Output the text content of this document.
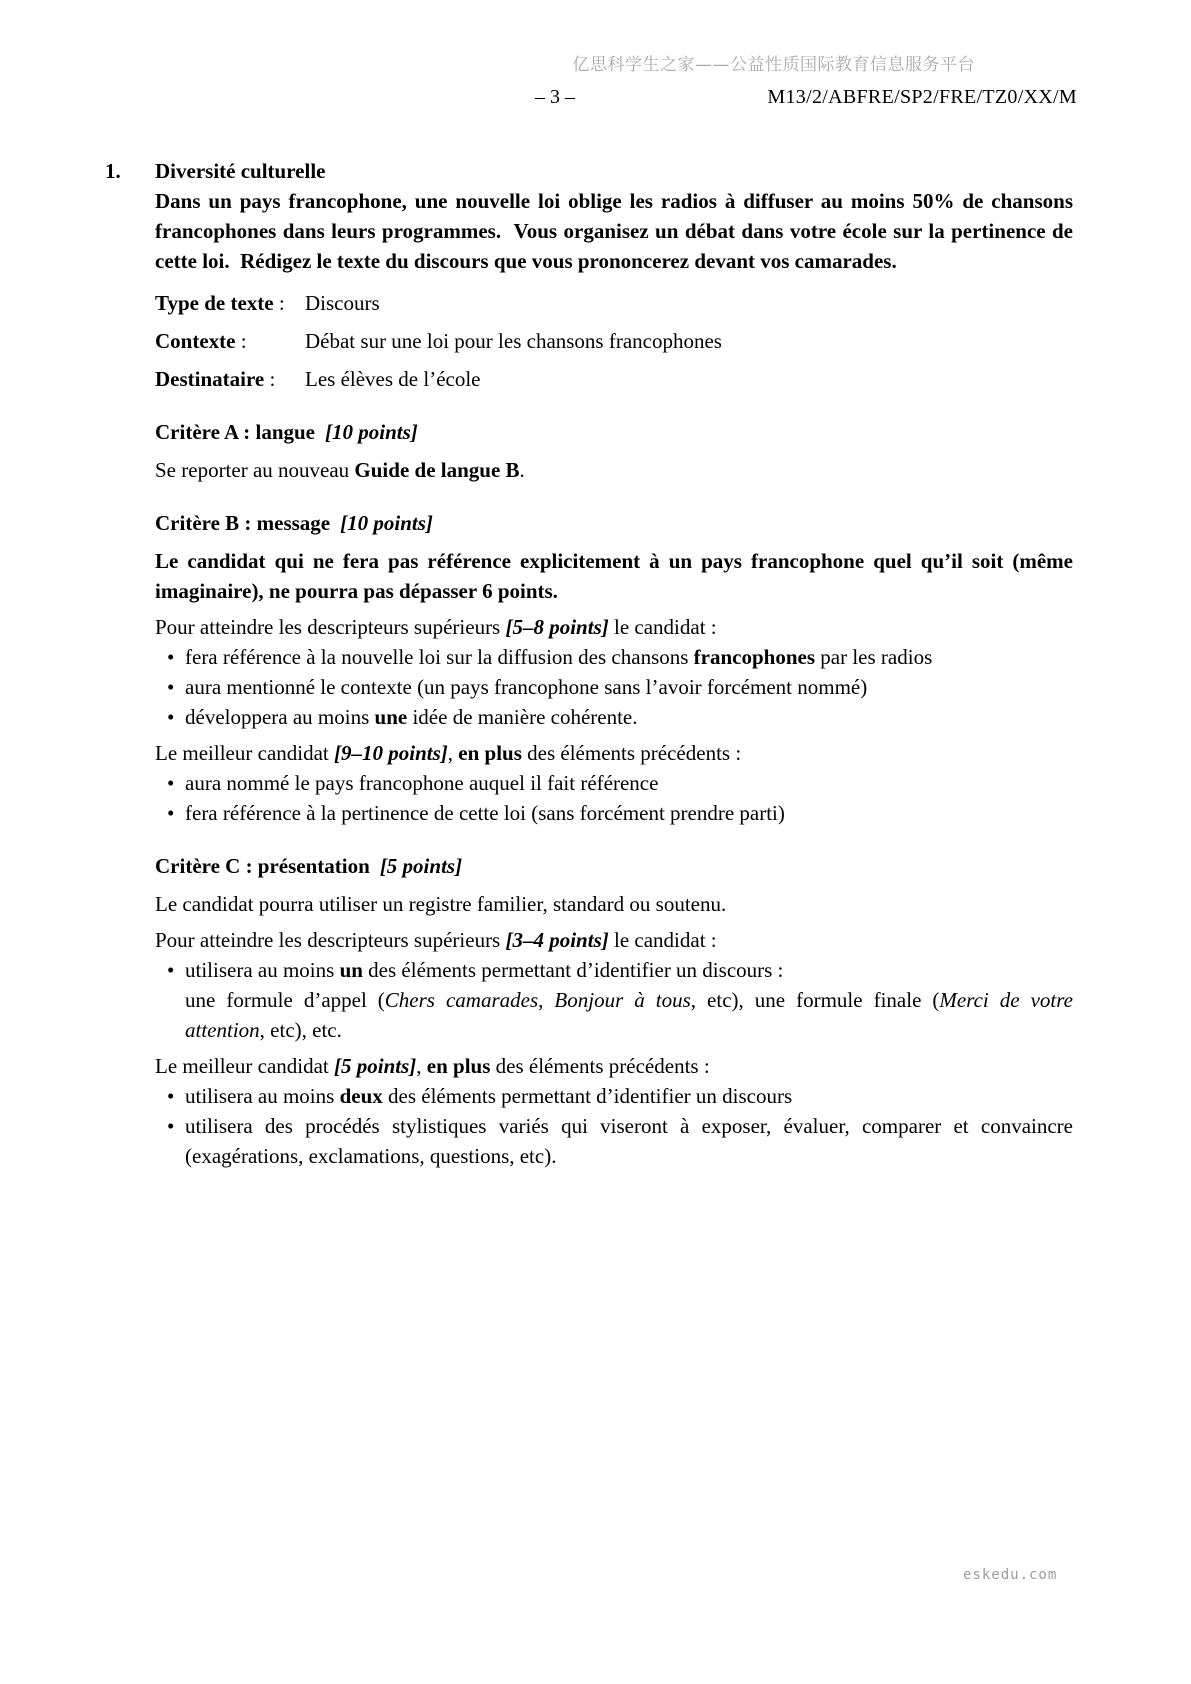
亿思科学生之家——公益性质国际教育信息服务平台
– 3 –	M13/2/ABFRE/SP2/FRE/TZ0/XX/M
1. Diversité culturelle

Dans un pays francophone, une nouvelle loi oblige les radios à diffuser au moins 50% de chansons francophones dans leurs programmes.  Vous organisez un débat dans votre école sur la pertinence de cette loi.  Rédigez le texte du discours que vous prononcerez devant vos camarades.

Type de texte : Discours
Contexte :	Débat sur une loi pour les chansons francophones
Destinataire :	Les élèves de l’école
Critère A : langue [10 points]

Se reporter au nouveau Guide de langue B.

Critère B : message [10 points]

Le candidat qui ne fera pas référence explicitement à un pays francophone quel qu’il soit (même imaginaire), ne pourra pas dépasser 6 points.

Pour atteindre les descripteurs supérieurs [5–8 points] le candidat :

• fera référence à la nouvelle loi sur la diffusion des chansons francophones par les radios
• aura mentionné le contexte (un pays francophone sans l’avoir forcément nommé)
• développera au moins une idée de manière cohérente.

Le meilleur candidat [9–10 points], en plus des éléments précédents :

• aura nommé le pays francophone auquel il fait référence
• fera référence à la pertinence de cette loi (sans forcément prendre parti)
Critère C : présentation [5 points]

Le candidat pourra utiliser un registre familier, standard ou soutenu.

Pour atteindre les descripteurs supérieurs [3–4 points] le candidat :

• utilisera au moins un des éléments permettant d’identifier un discours :
une formule d’appel (Chers camarades, Bonjour à tous, etc), une formule finale (Merci de votre attention, etc), etc.

Le meilleur candidat [5 points], en plus des éléments précédents :

• utilisera au moins deux des éléments permettant d’identifier un discours
• utilisera des procédés stylistiques variés qui viseront à exposer, évaluer, comparer et convaincre (exagérations, exclamations, questions, etc).
eskedu.com
